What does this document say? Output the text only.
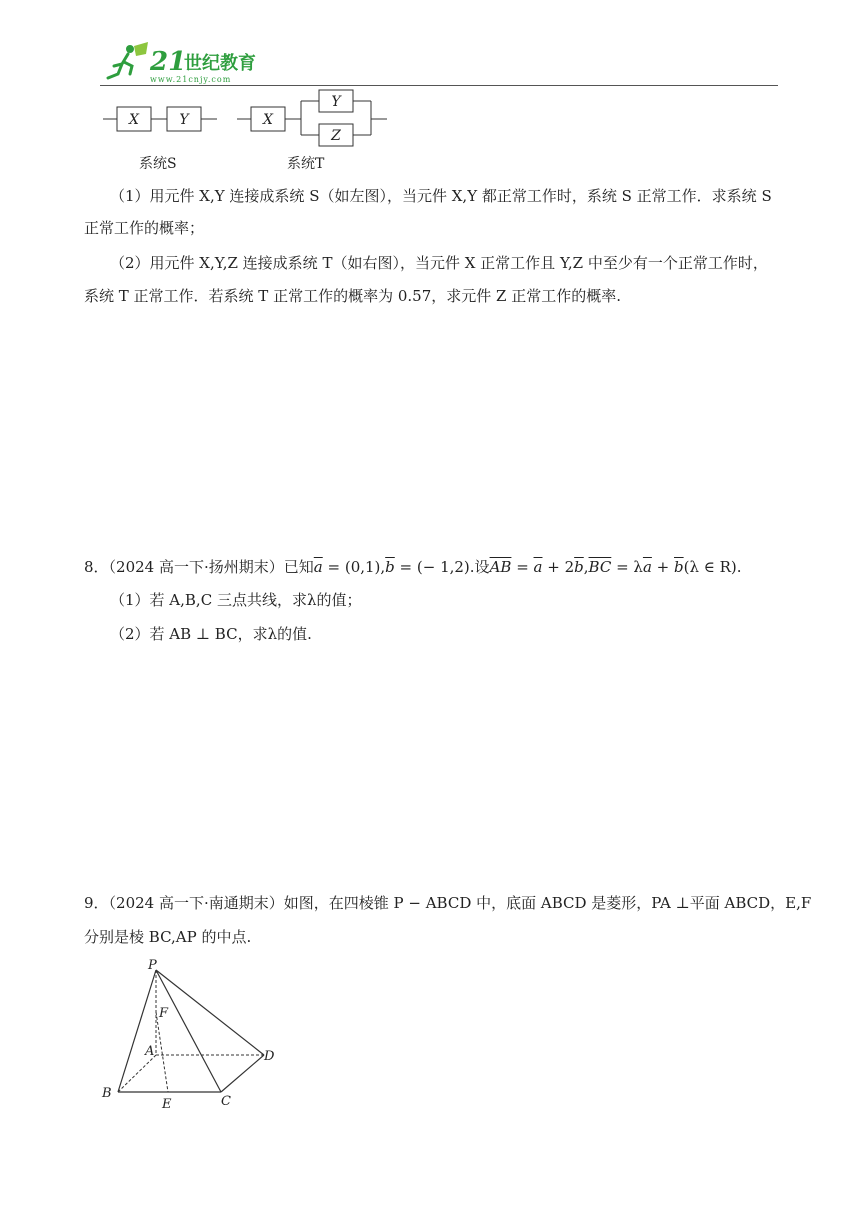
21
世纪教育
www.21cnjy.com
X	Y
系统S
X
Y
Z
系统T
（1）用元件 X,Y 连接成系统 S（如左图），当元件 X,Y 都正常工作时，系统 S 正常工作．求系统 S
正常工作的概率；
（2）用元件 X,Y,Z 连接成系统 T（如右图），当元件 X 正常工作且 Y,Z 中至少有一个正常工作时，
系统 T 正常工作．若系统 T 正常工作的概率为 0.57，求元件 Z 正常工作的概率.
8．（2024 高一下·扬州期末）已知$\overline{a} = (0,1),\overline{b}$ = (− 1,2).设$\overline{AB} = \overline{a} + 2\overline{b},\overline{BC} = \lambda\overline{a} + \overline{b}(\lambda$ ∈ R).
（1）若 A,B,C 三点共线，求λ的值；
（2）若 AB ⊥ BC，求λ的值.
9．（2024 高一下·南通期末）如图，在四棱锥 P − ABCD 中，底面 ABCD 是菱形，PA ⊥平面 ABCD，E,F
分别是棱 BC,AP 的中点.
P
F
A	D
B
E	C
